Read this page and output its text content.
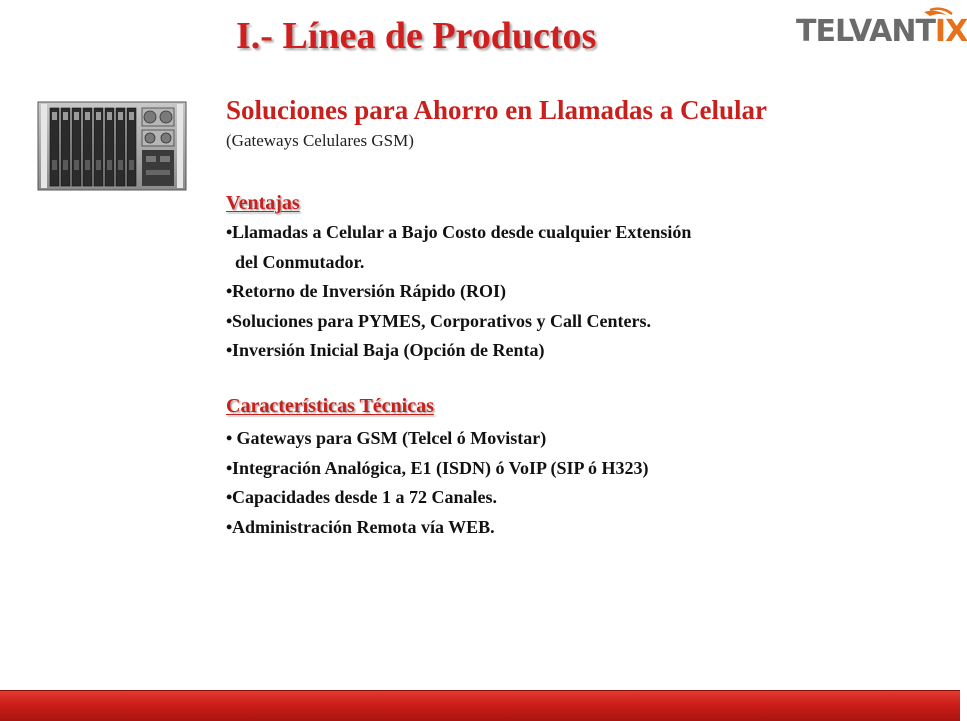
I.- Línea de Productos	TELVANTIX
Soluciones para Ahorro en Llamadas a Celular
(Gateways Celulares GSM)
Ventajas
•Llamadas a Celular a Bajo Costo desde cualquier Extensión
del Conmutador.
•Retorno de Inversión Rápido (ROI)
•Soluciones para PYMES, Corporativos y Call Centers.
•Inversión Inicial Baja (Opción de Renta)
Características Técnicas
• Gateways para GSM (Telcel ó Movistar)
•Integración Analógica, E1 (ISDN) ó VoIP (SIP ó H323)
•Capacidades desde 1 a 72 Canales.
•Administración Remota vía WEB.
